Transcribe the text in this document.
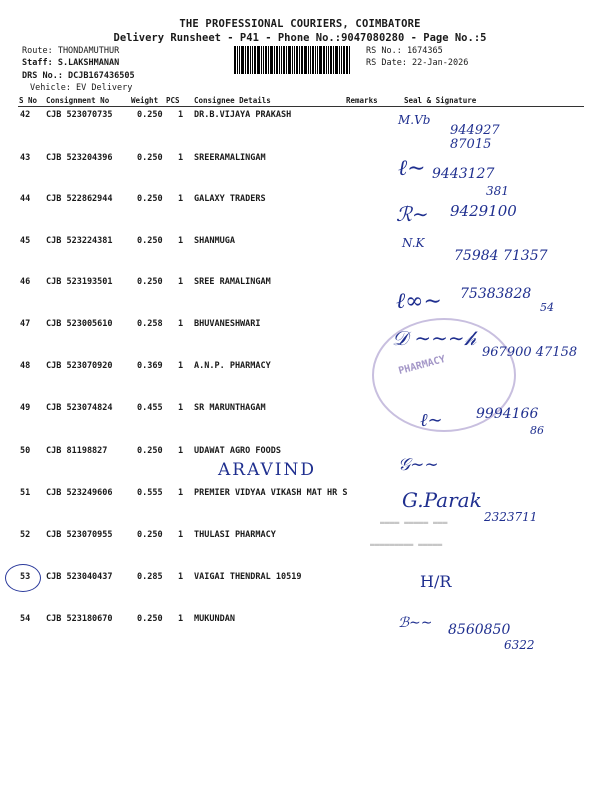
THE PROFESSIONAL COURIERS, COIMBATORE
Delivery Runsheet - P41 - Phone No.:9047080280 - Page No.:5
Route: THONDAMUTHUR
Staff: S.LAKSHMANAN
DRS No.: DCJB167436505
Vehicle: EV Delivery
RS No.: 1674365
RS Date: 22-Jan-2026
S No Consignment No	Weight PCS Consignee Details	Remarks	Seal & Signature
42 CJB 523070735	0.250 1 DR.B.VIJAYA PRAKASH
43 CJB 523204396	0.250 1 SREERAMALINGAM
44 CJB 522862944	0.250 1 GALAXY TRADERS
45 CJB 523224381	0.250 1 SHANMUGA
46 CJB 523193501	0.250 1 SREE RAMALINGAM
47 CJB 523005610	0.258 1 BHUVANESHWARI
48 CJB 523070920	0.369 1 A.N.P. PHARMACY
49 CJB 523074824	0.455 1 SR MARUNTHAGAM
50 CJB 81198827	0.250 1 UDAWAT AGRO FOODS
51 CJB 523249606	0.555 1 PREMIER VIDYAA VIKASH MAT HR S
52 CJB 523070955	0.250 1 THULASI PHARMACY
53 CJB 523040437	0.285 1 VAIGAI THENDRAL 10519
54 CJB 523180670	0.250 1 MUKUNDAN
PHARMACY
▬▬▬▬ ▬▬▬▬▬ ▬▬▬
▬▬▬▬▬▬▬▬▬ ▬▬▬▬▬
M.Vb
944927 87015
ℓ∼ 9443127
381
ℛ∼ 9429100
N.K
75984 71357
ℓ∞∼ 75383828
54
𝒟 ∼∼∼𝒽
967900 47158
ℓ∼ 9994166
86
ARAVIND	𝒢∼∼
G.Parak
2323711
H/R
ℬ∼∼ 8560850
6322
